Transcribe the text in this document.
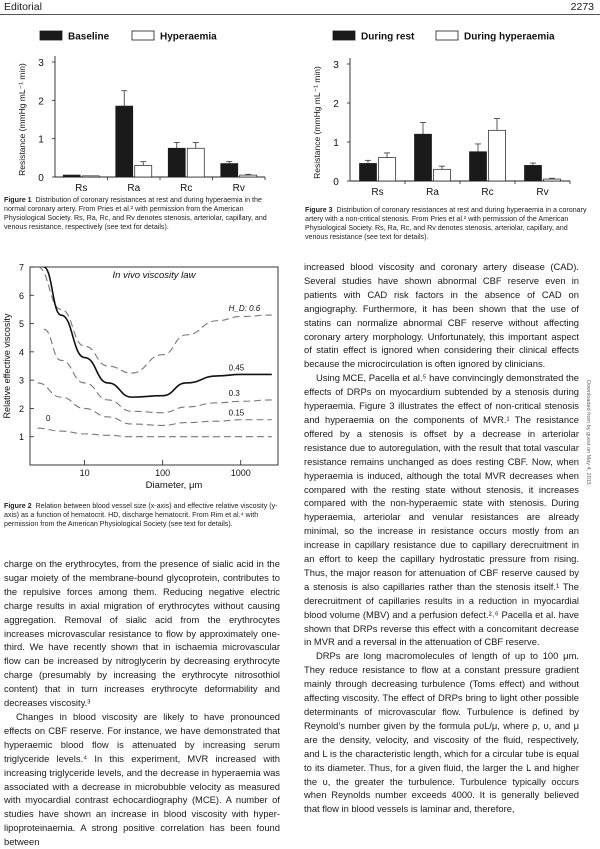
Editorial	2273
Baseline	Hyperaemia
0
1
2
3
Resistance (mmHg mL⁻¹ min)
Rs	Ra	Rc	Rv
Figure 1 Distribution of coronary resistances at rest and during hyperaemia in the normal coronary artery. From Pries et al.² with permission from the American Physiological Society. Rs, Ra, Rc, and Rv denotes stenosis, arteriolar, capillary, and venous resistance, respectively (see text for details).
During rest	During hyperaemia
0
1
2
3
Resistance (mmHg mL⁻¹ min)
Rs	Ra	Rc	Rv
Figure 3 Distribution of coronary resistances at rest and during hyperaemia in a coronary artery with a non-critical stenosis. From Pries et al.² with permission of the American Physiological Society. Rs, Ra, Rc, and Rv denotes stenosis, arteriolar, capillary, and venous resistance (see text for details).
In vivo viscosity law
1
2
3
4
5
6
7
10	100	1000
Diameter, μm
Relative effective viscosity
H_D: 0.6
0.45
0.3
0.15
0
Figure 2 Relation between blood vessel size (x-axis) and effective relative viscosity (y-axis) as a function of hematocrit. HD, discharge hematocrit. From Rim et al.⁴ with permission from the American Physiological Society (see text for details).

charge on the erythrocytes, from the presence of sialic acid in the sugar moiety of the membrane-bound glycoprotein, contributes to the repulsive forces among them. Reducing negative electric charge results in axial migration of erythrocytes without causing aggregation. Removal of sialic acid from the erythrocytes increases microvascular resistance to flow by approximately one-third. We have recently shown that in ischaemia microvascular flow can be increased by nitroglycerin by decreasing erythrocyte charge (presumably by increasing the erythrocyte nitrosothiol content) that in turn increases erythrocyte deformability and decreases viscosity.³

Changes in blood viscosity are likely to have pronounced effects on CBF reserve. For instance, we have demonstrated that hyperaemic blood flow is attenuated by increasing serum triglyceride levels.⁴ In this experiment, MVR increased with increasing triglyceride levels, and the decrease in hyperaemia was associated with a decrease in microbubble velocity as measured with myocardial contrast echocardiography (MCE). A number of studies have shown an increase in blood viscosity with hyper-lipoproteinaemia. A strong positive correlation has been found between

increased blood viscosity and coronary artery disease (CAD). Several studies have shown abnormal CBF reserve even in patients with CAD risk factors in the absence of CAD on angiography. Furthermore, it has been shown that the use of statins can normalize abnormal CBF reserve without affecting coronary artery morphology. Unfortunately, this important aspect of statin effect is ignored when considering their clinical effects because the microcirculation is often ignored by clinicians.

Using MCE, Pacella et al.⁵ have convincingly demonstrated the effects of DRPs on myocardium subtended by a stenosis during hyperaemia. Figure 3 illustrates the effect of non-critical stenosis and hyperaemia on the components of MVR.¹ The resistance offered by a stenosis is offset by a decrease in arteriolar resistance due to autoregulation, with the result that total vascular resistance remains unchanged as does resting CBF. Now, when hyperaemia is induced, although the total MVR decreases when compared with the resting state without stenosis, it increases compared with the non-hyperaemic state with stenosis. During hyperaemia, arteriolar and venular resistances are already minimal, so the increase in resistance occurs mostly from an increase in capillary resistance due to capillary derecruitment in an effort to keep the capillary hydrostatic pressure from rising. Thus, the major reason for attenuation of CBF reserve caused by a stenosis is also capillaries rather than the stenosis itself.¹ The derecruitment of capillaries results in a reduction in myocardial blood volume (MBV) and a perfusion defect.²˒⁶ Pacella et al. have shown that DRPs reverse this effect with a concomitant decrease in MVR and a reversal in the attenuation of CBF reserve.

DRPs are long macromolecules of length of up to 100 μm. They reduce resistance to flow at a constant pressure gradient mainly through decreasing turbulence (Toms effect) and without affecting viscosity. The effect of DRPs bring to light other possible determinants of microvascular flow. Turbulence is defined by Reynold’s number given by the formula ρυL/μ, where ρ, υ, and μ are the density, velocity, and viscosity of the fluid, respectively, and L is the characteristic length, which for a circular tube is equal to its diameter. Thus, for a given fluid, the larger the L and higher the υ, the greater the turbulence. Turbulence typically occurs when Reynolds number exceeds 4000. It is generally believed that flow in blood vessels is laminar and, therefore,

Downloaded from by guest on May 4, 2015
